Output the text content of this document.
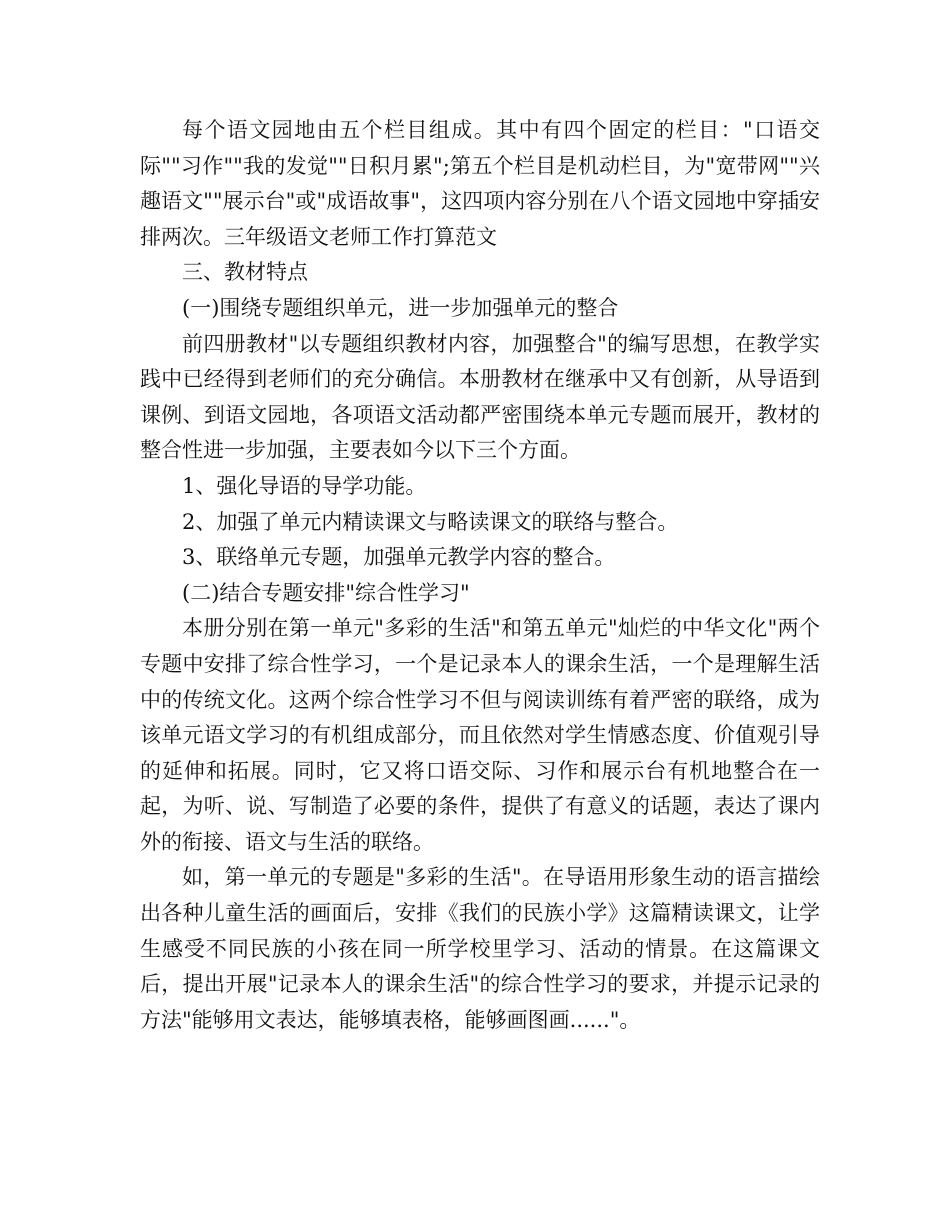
每个语文园地由五个栏目组成。其中有四个固定的栏目："口语交际""习作""我的发觉""日积月累";第五个栏目是机动栏目，为"宽带网""兴趣语文""展示台"或"成语故事"，这四项内容分别在八个语文园地中穿插安排两次。三年级语文老师工作打算范文

三、教材特点

(一)围绕专题组织单元，进一步加强单元的整合

前四册教材"以专题组织教材内容，加强整合"的编写思想，在教学实践中已经得到老师们的充分确信。本册教材在继承中又有创新，从导语到课例、到语文园地，各项语文活动都严密围绕本单元专题而展开，教材的整合性进一步加强，主要表如今以下三个方面。

1、强化导语的导学功能。

2、加强了单元内精读课文与略读课文的联络与整合。

3、联络单元专题，加强单元教学内容的整合。

(二)结合专题安排"综合性学习"

本册分别在第一单元"多彩的生活"和第五单元"灿烂的中华文化"两个专题中安排了综合性学习，一个是记录本人的课余生活，一个是理解生活中的传统文化。这两个综合性学习不但与阅读训练有着严密的联络，成为该单元语文学习的有机组成部分，而且依然对学生情感态度、价值观引导的延伸和拓展。同时，它又将口语交际、习作和展示台有机地整合在一起，为听、说、写制造了必要的条件，提供了有意义的话题，表达了课内外的衔接、语文与生活的联络。

如，第一单元的专题是"多彩的生活"。在导语用形象生动的语言描绘出各种儿童生活的画面后，安排《我们的民族小学》这篇精读课文，让学生感受不同民族的小孩在同一所学校里学习、活动的情景。在这篇课文后，提出开展"记录本人的课余生活"的综合性学习的要求，并提示记录的方法"能够用文表达，能够填表格，能够画图画......"。
